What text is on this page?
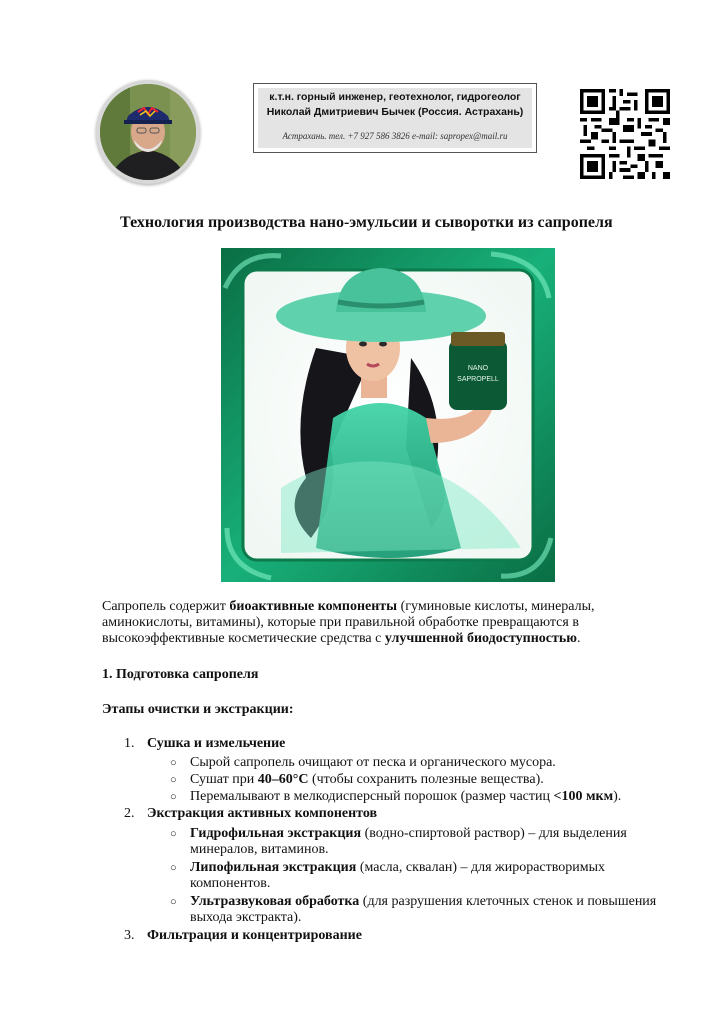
к.т.н. горный инженер, геотехнолог, гидрогеолог
Николай Дмитриевич Бычек (Россия. Астрахань)
Астрахань. тел. +7 927 586 3826 e-mail: sapropex@mail.ru
Технология производства нано-эмульсии и сыворотки из сапропеля
NANO
SAPROPELL

Сапропель содержит биоактивные компоненты (гуминовые кислоты, минералы, аминокислоты, витамины), которые при правильной обработке превращаются в высокоэффективные косметические средства с улучшенной биодоступностью.

1. Подготовка сапропеля
Этапы очистки и экстракции:
1. Сушка и измельчение
○ Сырой сапропель очищают от песка и органического мусора.
○ Сушат при 40–60°C (чтобы сохранить полезные вещества).
○ Перемалывают в мелкодисперсный порошок (размер частиц <100 мкм).
2. Экстракция активных компонентов
○ Гидрофильная экстракция (водно-спиртовой раствор) – для выделения минералов, витаминов.
○ Липофильная экстракция (масла, сквалан) – для жирорастворимых компонентов.
○ Ультразвуковая обработка (для разрушения клеточных стенок и повышения выхода экстракта).
3. Фильтрация и концентрирование
